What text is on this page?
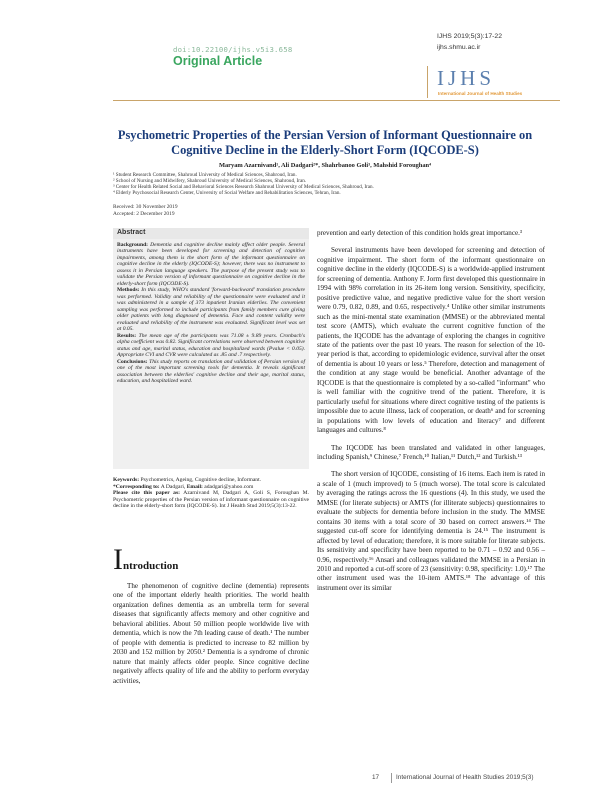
doi:10.22100/ijhs.v5i3.658
Original Article
IJHS 2019;5(3):17-22
ijhs.shmu.ac.ir
IJHS
International Journal of Health Studies
Psychometric Properties of the Persian Version of Informant Questionnaire on Cognitive Decline in the Elderly-Short Form (IQCODE-S)
Maryam Azarnivand¹, Ali Dadgari²*, Shahrbanoo Goli³, Mahshid Foroughan⁴
¹ Student Research Committee, Shahroud University of Medical Sciences, Shahroud, Iran.
² School of Nursing and Midwifery, Shahroud University of Medical Sciences, Shahroud, Iran.
³ Center for Health Related Social and Behavioral Sciences Research Shahroud University of Medical Sciences, Shahroud, Iran.
⁴ Elderly Psychosocial Research Center, University of Social Welfare and Rehabilitation Sciences, Tehran, Iran.
Received: 30 November 2019
Accepted: 2 December 2019
Abstract
Background: Dementia and cognitive decline mainly affect older people. Several instruments have been developed for screening and detection of cognitive impairments, among them is the short form of the informant questionnaire on cognitive decline in the elderly (IQCODE-S); however, there was no instrument to assess it in Persian language speakers. The purpose of the present study was to validate the Persian version of informant questionnaire on cognitive decline in the elderly-short form (IQCODE-S).
Methods: In this study, WHO's standard 'forward-backward' translation procedure was performed. Validity and reliability of the questionnaire were evaluated and it was administered in a sample of 373 inpatient Iranian elderlies. The convenient sampling was performed to include participants from family members cure giving older patients with long diagnosed of dementia. Face and content validity were evaluated and reliability of the instrument was evaluated. Significant level was set at 0.05.
Results: The mean age of the participants was 71.08 ± 9.89 years. Cronbach's alpha coefficient was 0.82. Significant correlations were observed between cognitive status and age, marital status, education and hospitalized wards (Pvalue < 0.05). Appropriate CVI and CVR were calculated as .85 and .7 respectively.
Conclusions: This study reports on translation and validation of Persian version of one of the most important screening tools for dementia. It reveals significant association between the elderlies' cognitive decline and their age, marital status, education, and hospitalized ward.
Keywords: Psychometrics, Ageing, Cognitive decline, Informant.
*Corresponding to: A Dadgari, Email: adadgari@yahoo.com
Please cite this paper as: Azarnivand M, Dadgari A, Goli S, Foroughan M. Psychometric properties of the Persian version of informant questionnaire on cognitive decline in the elderly-short form (IQCODE-S). Int J Health Stud 2019;5(3):13-22.
Introduction
The phenomenon of cognitive decline (dementia) represents one of the important elderly health priorities. The world health organization defines dementia as an umbrella term for several diseases that significantly affects memory and other cognitive and behavioral abilities. About 50 million people worldwide live with dementia, which is now the 7th leading cause of death.¹ The number of people with dementia is predicted to increase to 82 million by 2030 and 152 million by 2050.² Dementia is a syndrome of chronic nature that mainly affects older people. Since cognitive decline negatively affects quality of life and the ability to perform everyday activities,

prevention and early detection of this condition holds great importance.³

Several instruments have been developed for screening and detection of cognitive impairment. The short form of the informant questionnaire on cognitive decline in the elderly (IQCODE-S) is a worldwide-applied instrument for screening of dementia. Anthony F. Jorm first developed this questionnaire in 1994 with 98% correlation in its 26-item long version. Sensitivity, specificity, positive predictive value, and negative predictive value for the short version were 0.79, 0.82, 0.89, and 0.65, respectively.⁴ Unlike other similar instruments such as the mini-mental state examination (MMSE) or the abbreviated mental test score (AMTS), which evaluate the current cognitive function of the patients, the IQCODE has the advantage of exploring the changes in cognitive state of the patients over the past 10 years. The reason for selection of the 10-year period is that, according to epidemiologic evidence, survival after the onset of dementia is about 10 years or less.⁵ Therefore, detection and management of the condition at any stage would be beneficial. Another advantage of the IQCODE is that the questionnaire is completed by a so-called "informant" who is well familiar with the cognitive trend of the patient. Therefore, it is particularly useful for situations where direct cognitive testing of the patients is impossible due to acute illness, lack of cooperation, or death⁶ and for screening in populations with low levels of education and literacy⁷ and different languages and cultures.⁸

The IQCODE has been translated and validated in other languages, including Spanish,⁹ Chinese,⁷ French,¹⁰ Italian,¹¹ Dutch,¹² and Turkish.¹³

The short version of IQCODE, consisting of 16 items. Each item is rated in a scale of 1 (much improved) to 5 (much worse). The total score is calculated by averaging the ratings across the 16 questions (4). In this study, we used the MMSE (for literate subjects) or AMTS (for illiterate subjects) questionnaires to evaluate the subjects for dementia before inclusion in the study. The MMSE contains 30 items with a total score of 30 based on correct answers.¹⁴ The suggested cut-off score for identifying dementia is 24.¹⁵ The instrument is affected by level of education; therefore, it is more suitable for literate subjects. Its sensitivity and specificity have been reported to be 0.71 – 0.92 and 0.56 – 0.96, respectively.¹⁶ Ansari and colleagues validated the MMSE in a Persian in 2010 and reported a cut-off score of 23 (sensitivity: 0.98, specificity: 1.0).¹⁷ The other instrument used was the 10-item AMTS.¹⁸ The advantage of this instrument over its similar

17	International Journal of Health Studies 2019;5(3)
